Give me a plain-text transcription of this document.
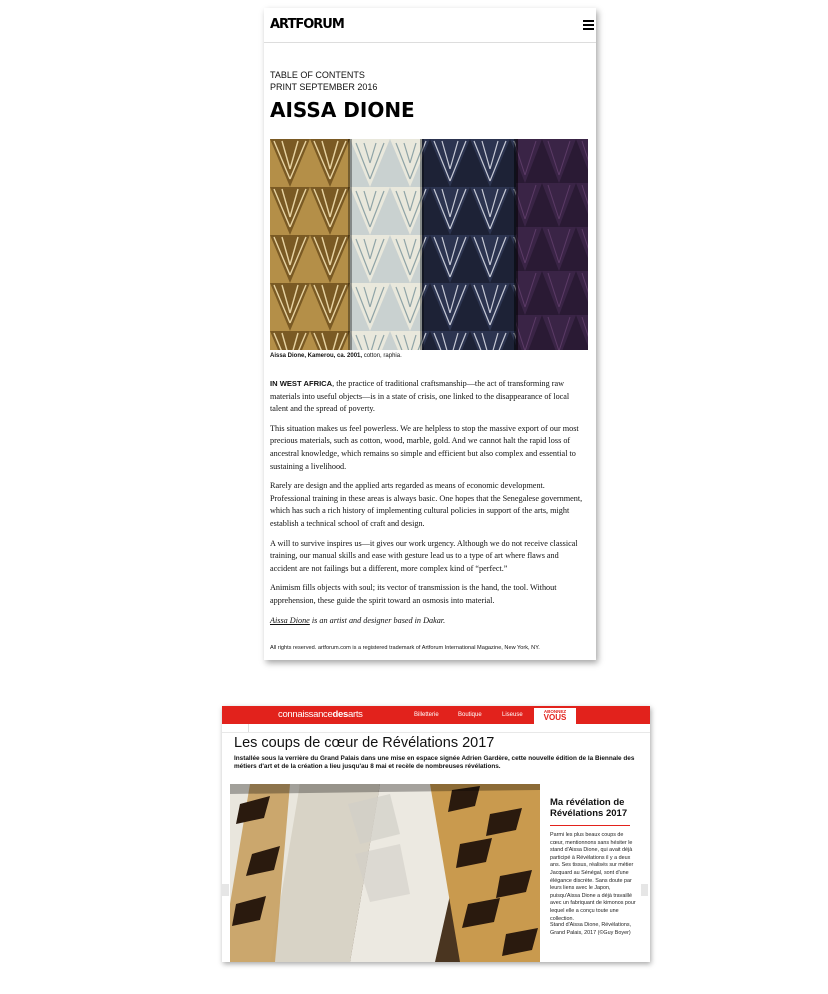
ARTFORUM
TABLE OF CONTENTS
PRINT SEPTEMBER 2016
AISSA DIONE
Aissa Dione, Kamerou, ca. 2001, cotton, raphia.

IN WEST AFRICA, the practice of traditional craftsmanship—the act of transforming raw materials into useful objects—is in a state of crisis, one linked to the disappearance of local talent and the spread of poverty.

This situation makes us feel powerless. We are helpless to stop the massive export of our most precious materials, such as cotton, wood, marble, gold. And we cannot halt the rapid loss of ancestral knowledge, which remains so simple and efficient but also complex and essential to sustaining a livelihood.

Rarely are design and the applied arts regarded as means of economic development. Professional training in these areas is always basic. One hopes that the Senegalese government, which has such a rich history of implementing cultural policies in support of the arts, might establish a technical school of craft and design.

A will to survive inspires us—it gives our work urgency. Although we do not receive classical training, our manual skills and ease with gesture lead us to a type of art where flaws and accident are not failings but a different, more complex kind of “perfect.”

Animism fills objects with soul; its vector of transmission is the hand, the tool. Without apprehension, these guide the spirit toward an osmosis into material.

Aissa Dione is an artist and designer based in Dakar.

All rights reserved. artforum.com is a registered trademark of Artforum International Magazine, New York, NY.
connaissancedesarts	Billetterie	Boutique	Liseuse
ABONNEZ
VOUS
Les coups de cœur de Révélations 2017
Installée sous la verrière du Grand Palais dans une mise en espace signée Adrien Gardère, cette nouvelle édition de la Biennale des métiers d'art et de la création a lieu jusqu'au 8 mai et recèle de nombreuses révélations.
Ma révélation de Révélations 2017
Parmi les plus beaux coups de cœur, mentionnons sans hésiter le stand d'Aissa Dione, qui avait déjà participé à Révélations il y a deux ans. Ses tissus, réalisés sur métier Jacquard au Sénégal, sont d'une élégance discrète. Sans doute par leurs liens avec le Japon, puisqu'Aissa Dione a déjà travaillé avec un fabriquant de kimonos pour lequel elle a conçu toute une collection.
Stand d'Aissa Dione, Révélations, Grand Palais, 2017 (©Guy Boyer)
